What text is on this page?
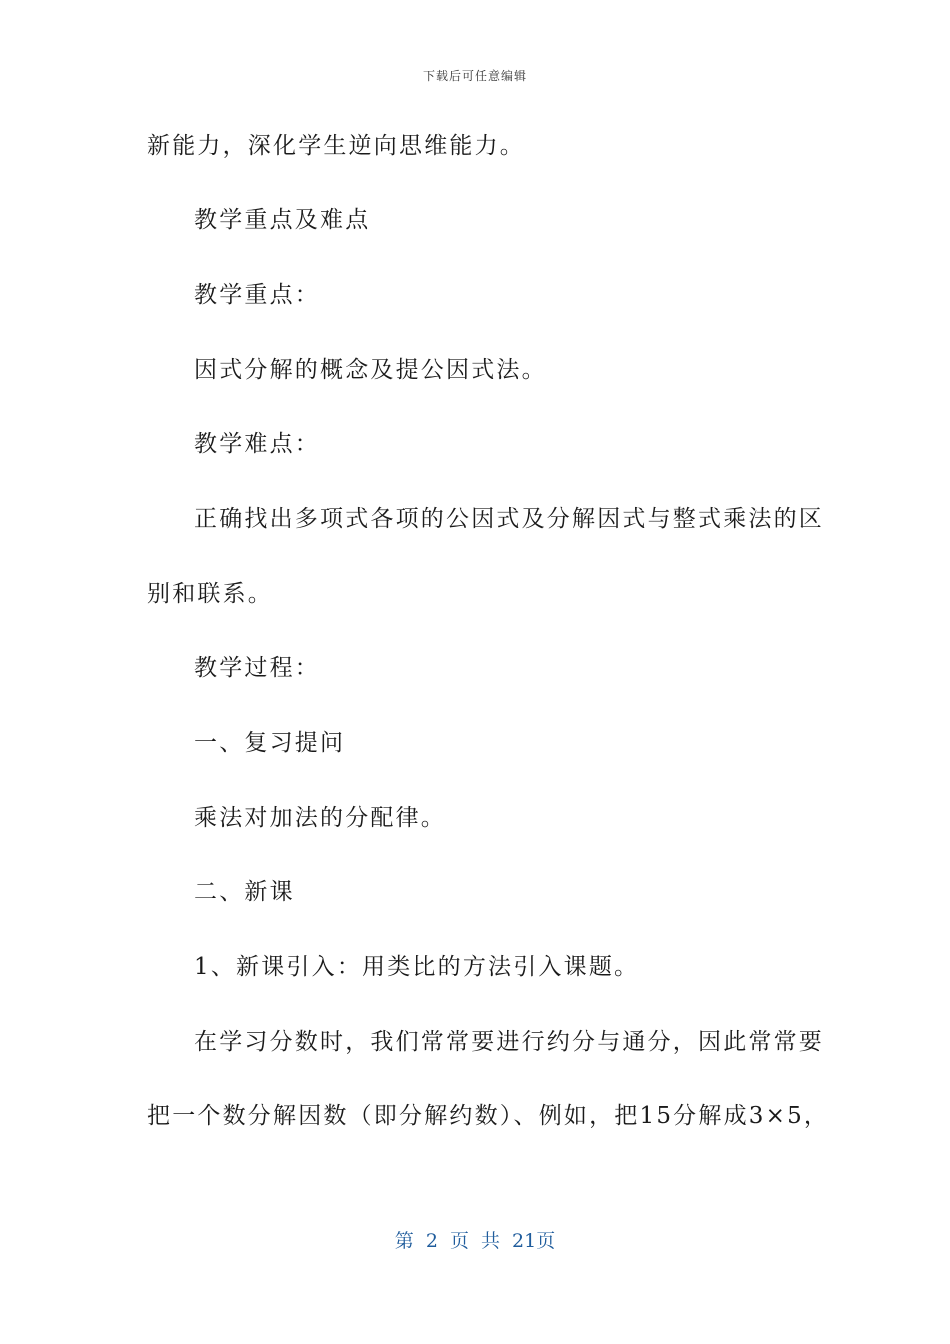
下载后可任意编辑
新能力，深化学生逆向思维能力。
教学重点及难点
教学重点：
因式分解的概念及提公因式法。
教学难点：
正确找出多项式各项的公因式及分解因式与整式乘法的区
别和联系。
教学过程：
一、复习提问
乘法对加法的分配律。
二、新课
1、新课引入：用类比的方法引入课题。
在学习分数时，我们常常要进行约分与通分，因此常常要
把一个数分解因数（即分解约数）、例如，把15分解成3×5，
第 2 页 共 21页
